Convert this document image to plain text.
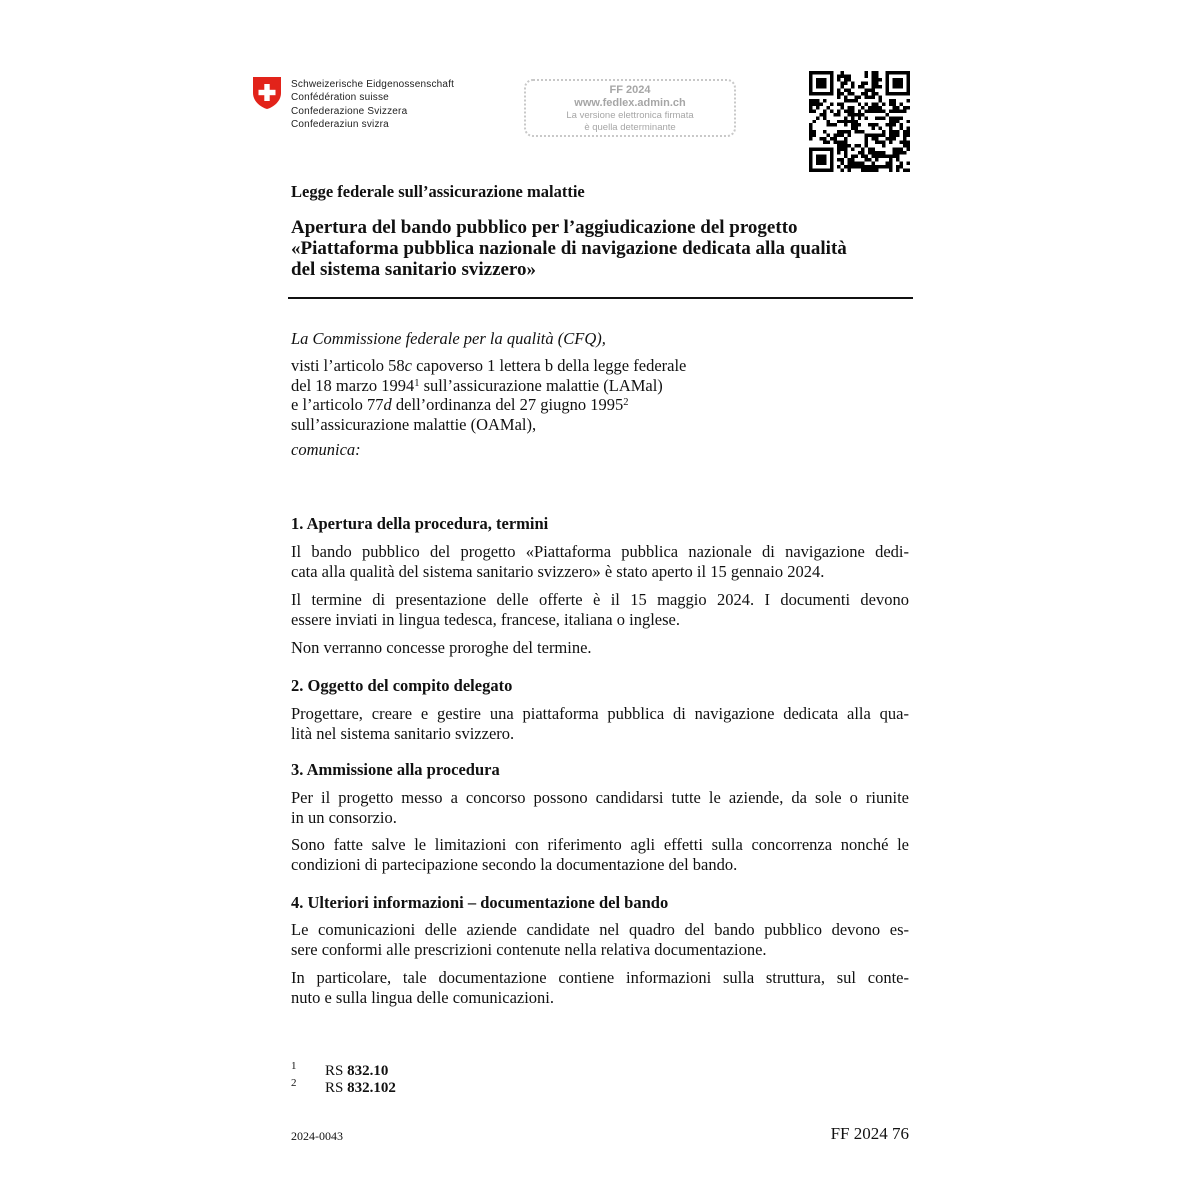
Schweizerische Eidgenossenschaft
Confédération suisse
Confederazione Svizzera
Confederaziun svizra
FF 2024
www.fedlex.admin.ch
La versione elettronica firmata
è quella determinante
Legge federale sull’assicurazione malattie
Apertura del bando pubblico per l’aggiudicazione del progetto
«Piattaforma pubblica nazionale di navigazione dedicata alla qualità
del sistema sanitario svizzero»
La Commissione federale per la qualità (CFQ),
visti l’articolo 58c capoverso 1 lettera b della legge federale
del 18 marzo 1994$^1$ sull’assicurazione malattie (LAMal)
e l’articolo 77d dell’ordinanza del 27 giugno 1995$^2$
sull’assicurazione malattie (OAMal),
comunica:
1. Apertura della procedura, termini
Il bando pubblico del progetto «Piattaforma pubblica nazionale di navigazione dedi-
cata alla qualità del sistema sanitario svizzero» è stato aperto il 15 gennaio 2024.
Il termine di presentazione delle offerte è il 15 maggio 2024. I documenti devono
essere inviati in lingua tedesca, francese, italiana o inglese.
Non verranno concesse proroghe del termine.
2. Oggetto del compito delegato
Progettare, creare e gestire una piattaforma pubblica di navigazione dedicata alla qua-
lità nel sistema sanitario svizzero.
3. Ammissione alla procedura
Per il progetto messo a concorso possono candidarsi tutte le aziende, da sole o riunite
in un consorzio.
Sono fatte salve le limitazioni con riferimento agli effetti sulla concorrenza nonché le
condizioni di partecipazione secondo la documentazione del bando.
4. Ulteriori informazioni – documentazione del bando
Le comunicazioni delle aziende candidate nel quadro del bando pubblico devono es-
sere conformi alle prescrizioni contenute nella relativa documentazione.
In particolare, tale documentazione contiene informazioni sulla struttura, sul conte-
nuto e sulla lingua delle comunicazioni.
1 RS 832.10
2 RS 832.102
2024-0043	FF 2024 76
